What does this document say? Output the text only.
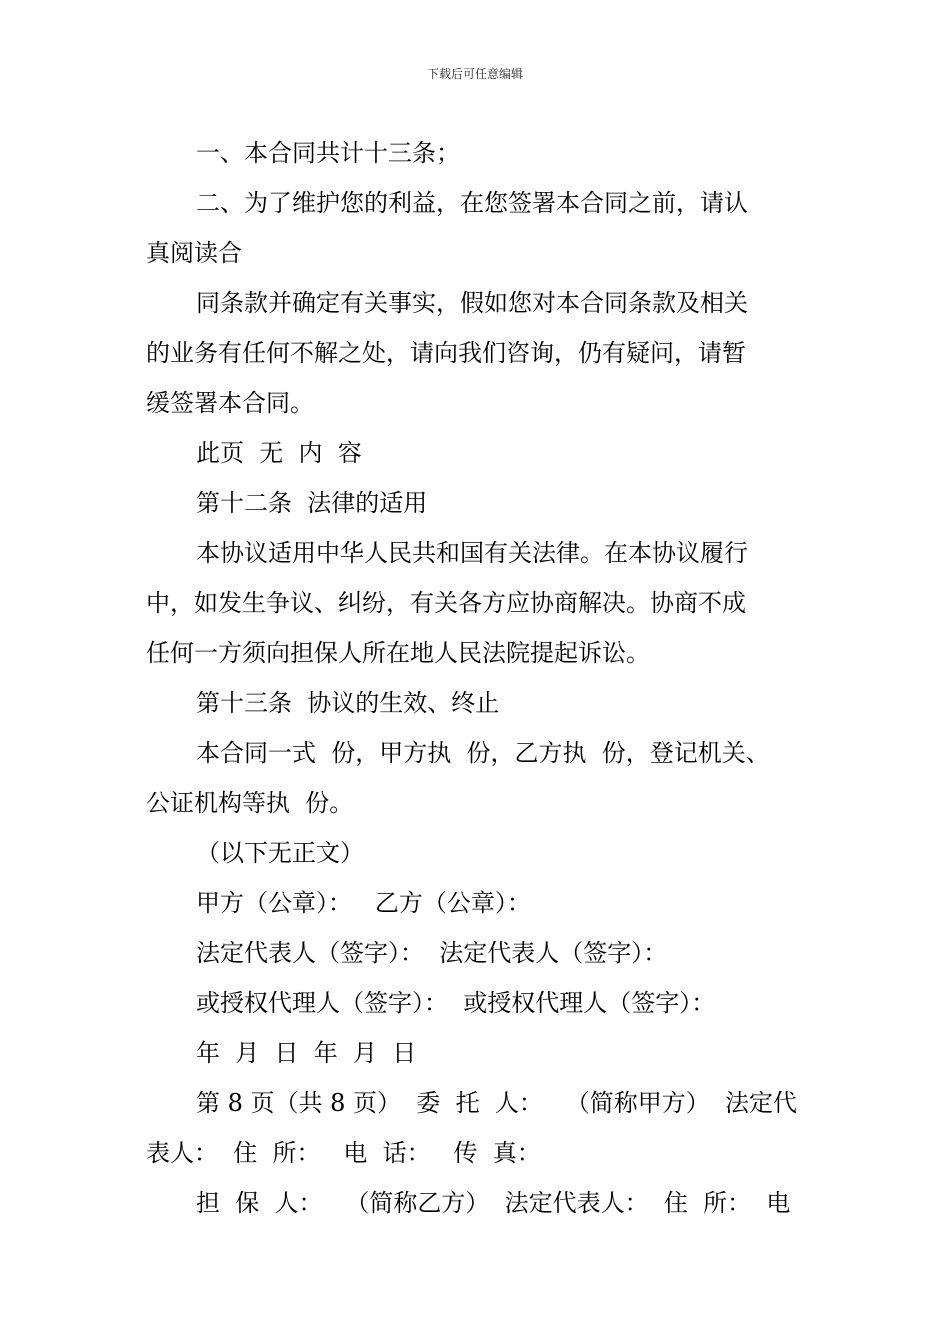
下载后可任意编辑
一、本合同共计十三条；
二、为了维护您的利益，在您签署本合同之前，请认
真阅读合
同条款并确定有关事实，假如您对本合同条款及相关
的业务有任何不解之处，请向我们咨询，仍有疑问，请暂
缓签署本合同。
此页  无  内  容
第十二条  法律的适用
本协议适用中华人民共和国有关法律。在本协议履行
中，如发生争议、纠纷，有关各方应协商解决。协商不成
任何一方须向担保人所在地人民法院提起诉讼。
第十三条  协议的生效、终止
本合同一式  份，甲方执  份，乙方执  份，登记机关、
公证机构等执  份。
（以下无正文）
甲方（公章）：   乙方（公章）：
法定代表人（签字）：  法定代表人（签字）：
或授权代理人（签字）：  或授权代理人（签字）：
年  月  日  年  月  日
第 8 页（共 8 页）  委  托  人：   （简称甲方）  法定代
表人：  住  所：   电  话：   传  真：
担  保  人：   （简称乙方）  法定代表人：  住  所：  电
